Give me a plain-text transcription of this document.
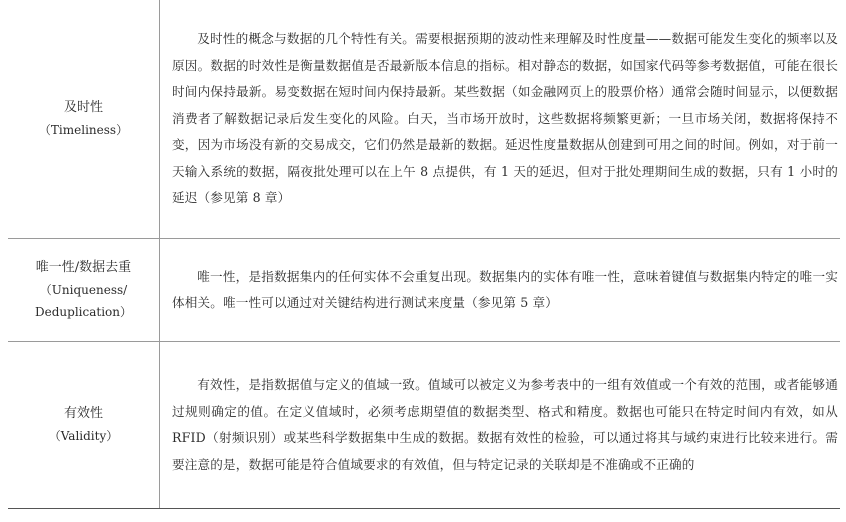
及时性
（Timeliness）	及时性的概念与数据的几个特性有关。需要根据预期的波动性来理解及时性度量——数据可能发生变化的频率以及原因。数据的时效性是衡量数据值是否最新版本信息的指标。相对静态的数据，如国家代码等参考数据值，可能在很长时间内保持最新。易变数据在短时间内保持最新。某些数据（如金融网页上的股票价格）通常会随时间显示，以便数据消费者了解数据记录后发生变化的风险。白天，当市场开放时，这些数据将频繁更新；一旦市场关闭，数据将保持不变，因为市场没有新的交易成交，它们仍然是最新的数据。延迟性度量数据从创建到可用之间的时间。例如，对于前一天输入系统的数据，隔夜批处理可以在上午 8 点提供，有 1 天的延迟，但对于批处理期间生成的数据，只有 1 小时的延迟（参见第 8 章）

唯一性/数据去重
（Uniqueness/
Deduplication）	唯一性，是指数据集内的任何实体不会重复出现。数据集内的实体有唯一性，意味着键值与数据集内特定的唯一实体相关。唯一性可以通过对关键结构进行测试来度量（参见第 5 章）

有效性
（Validity）	有效性，是指数据值与定义的值域一致。值域可以被定义为参考表中的一组有效值或一个有效的范围，或者能够通过规则确定的值。在定义值域时，必须考虑期望值的数据类型、格式和精度。数据也可能只在特定时间内有效，如从 RFID（射频识别）或某些科学数据集中生成的数据。数据有效性的检验，可以通过将其与域约束进行比较来进行。需要注意的是，数据可能是符合值域要求的有效值，但与特定记录的关联却是不准确或不正确的
